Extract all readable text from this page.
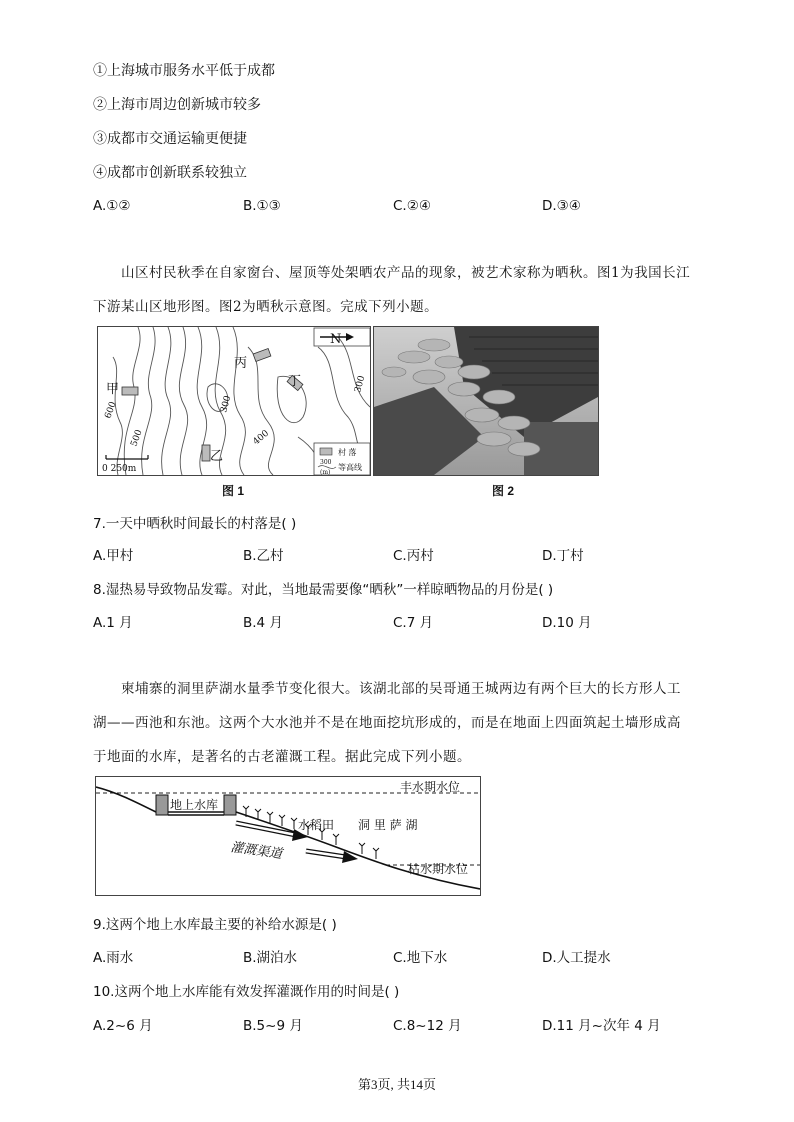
①上海城市服务水平低于成都
②上海市周边创新城市较多
③成都市交通运输更便捷
④成都市创新联系较独立
A.①②	B.①③	C.②④	D.③④
山区村民秋季在自家窗台、屋顶等处架晒农产品的现象，被艺术家称为晒秋。图1为我国长江下游某山区地形图。图2为晒秋示意图。完成下列小题。
N
甲
乙
丙
丁
600
500	400
300
300
0 250m
村 落
等高线
300
(m)
图 1	图 2
7.一天中晒秋时间最长的村落是( )
A.甲村	B.乙村	C.丙村	D.丁村
8.湿热易导致物品发霉。对此，当地最需要像“晒秋”一样晾晒物品的月份是( )
A.1 月	B.4 月	C.7 月	D.10 月
柬埔寨的洞里萨湖水量季节变化很大。该湖北部的吴哥通王城两边有两个巨大的长方形人工湖——西池和东池。这两个大水池并不是在地面挖坑形成的，而是在地面上四面筑起土墙形成高于地面的水库，是著名的古老灌溉工程。据此完成下列小题。
地上水库
灌溉渠道
水稻田 洞 里 萨 湖
丰水期水位
枯水期水位
9.这两个地上水库最主要的补给水源是( )
A.雨水	B.湖泊水	C.地下水	D.人工提水
10.这两个地上水库能有效发挥灌溉作用的时间是( )
A.2~6 月	B.5~9 月	C.8~12 月	D.11 月~次年 4 月
第3页, 共14页
